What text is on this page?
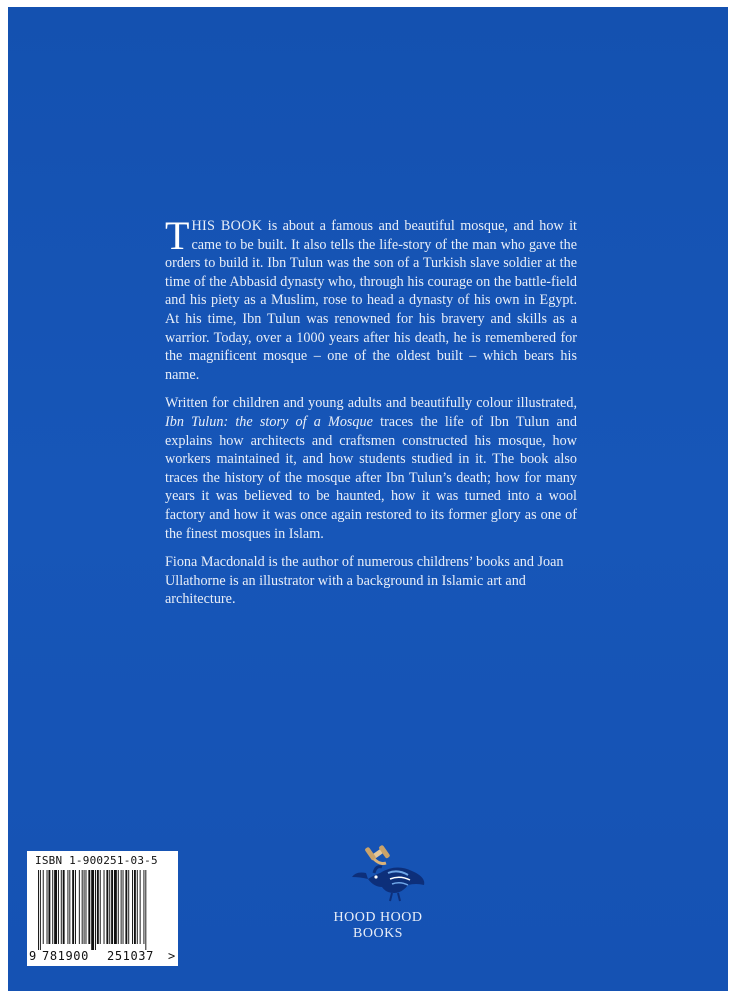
THIS BOOK is about a famous and beautiful mosque, and how it came to be built. It also tells the life-story of the man who gave the orders to build it. Ibn Tulun was the son of a Turkish slave soldier at the time of the Abbasid dynasty who, through his courage on the battle-field and his piety as a Muslim, rose to head a dynasty of his own in Egypt. At his time, Ibn Tulun was renowned for his bravery and skills as a warrior. Today, over a 1000 years after his death, he is remembered for the magnificent mosque – one of the oldest built – which bears his name.

Written for children and young adults and beautifully colour illustrated, Ibn Tulun: the story of a Mosque traces the life of Ibn Tulun and explains how architects and craftsmen constructed his mosque, how workers maintained it, and how students studied in it. The book also traces the history of the mosque after Ibn Tulun’s death; how for many years it was believed to be haunted, how it was turned into a wool factory and how it was once again restored to its former glory as one of the finest mosques in Islam.

Fiona Macdonald is the author of numerous childrens’ books and Joan Ullathorne is an illustrator with a background in Islamic art and architecture.

HOOD HOOD
BOOKS
ISBN 1-900251-03-5
9 781900 251037 >
